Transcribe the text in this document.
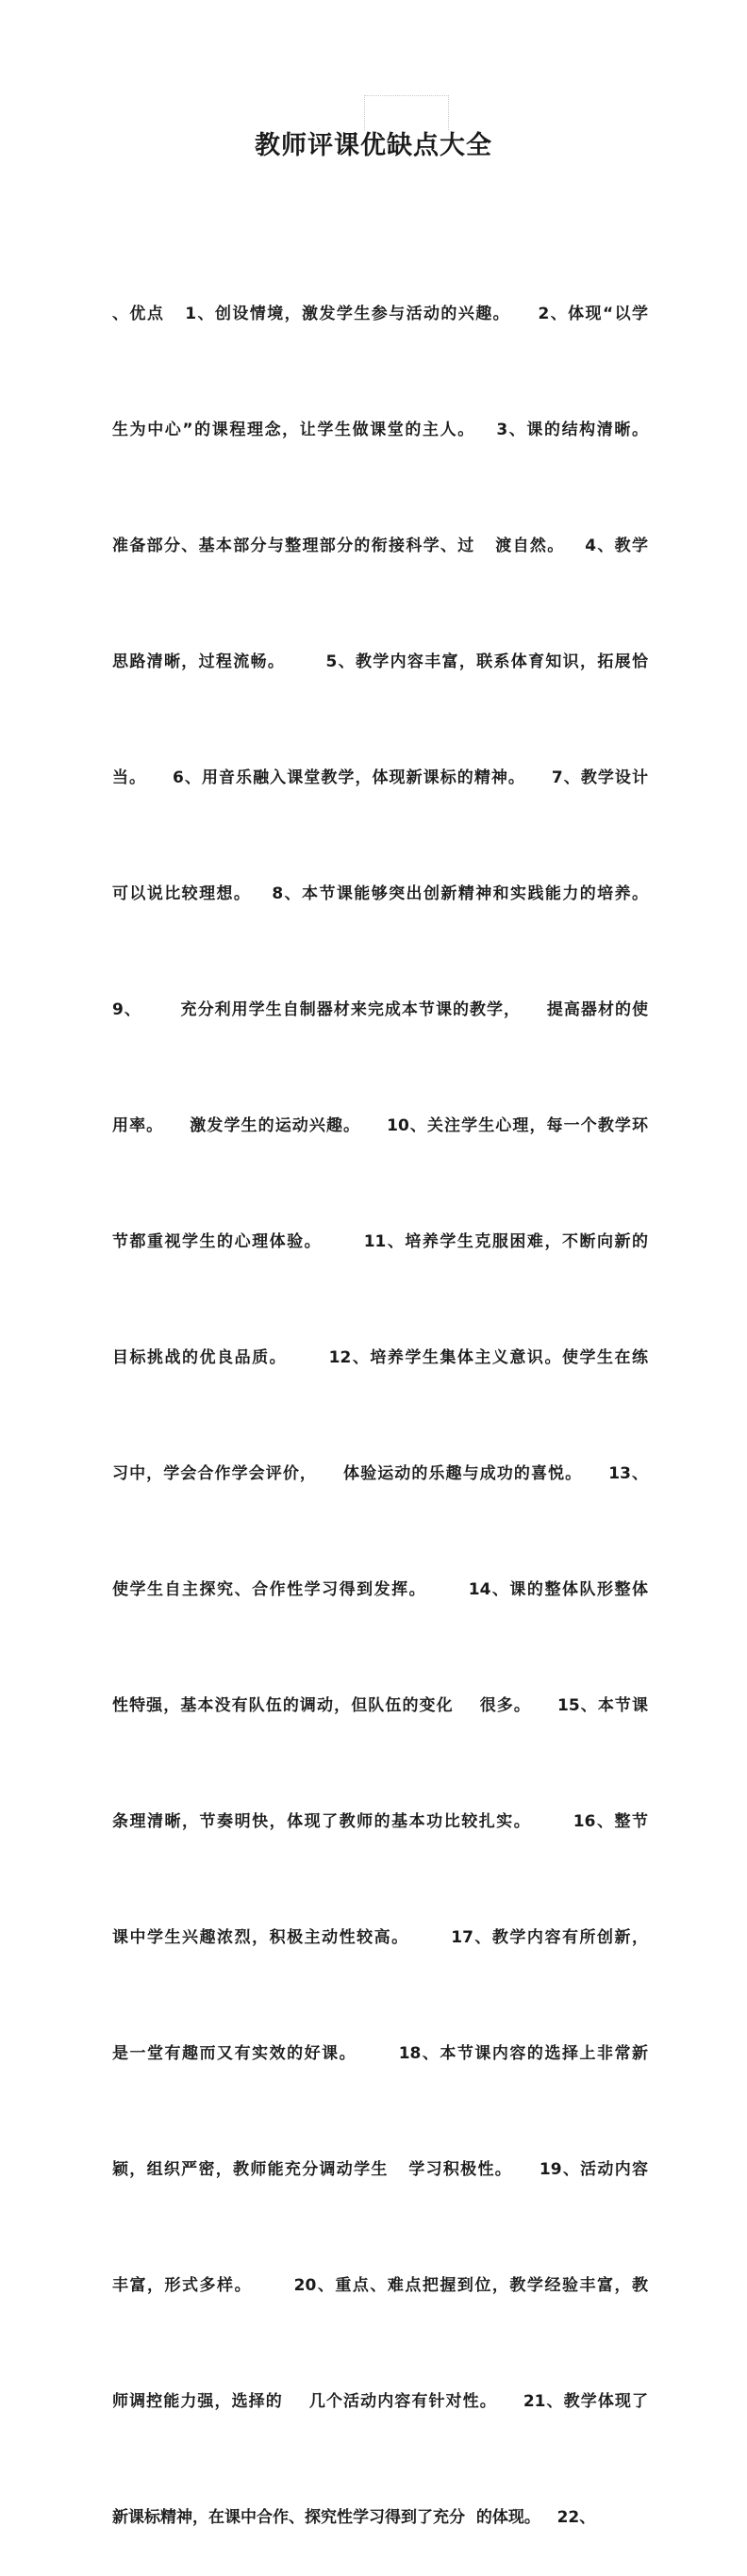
教师评课优缺点大全

、优点   1、创设情境，激发学生参与活动的兴趣。    2、体现“以学

生为中心”的课程理念，让学生做课堂的主人。   3、课的结构清晰。

准备部分、基本部分与整理部分的衔接科学、过   渡自然。   4、教学

思路清晰，过程流畅。      5、教学内容丰富，联系体育知识，拓展恰

当。    6、用音乐融入课堂教学，体现新课标的精神。    7、教学设计

可以说比较理想。   8、本节课能够突出创新精神和实践能力的培养。

9、      充分利用学生自制器材来完成本节课的教学，    提高器材的使

用率。    激发学生的运动兴趣。    10、关注学生心理，每一个教学环

节都重视学生的心理体验。      11、培养学生克服困难，不断向新的

目标挑战的优良品质。      12、培养学生集体主义意识。使学生在练

习中，学会合作学会评价，    体验运动的乐趣与成功的喜悦。    13、

使学生自主探究、合作性学习得到发挥。      14、课的整体队形整体

性特强，基本没有队伍的调动，但队伍的变化    很多。    15、本节课

条理清晰，节奏明快，体现了教师的基本功比较扎实。      16、整节

课中学生兴趣浓烈，积极主动性较高。      17、教学内容有所创新，

是一堂有趣而又有实效的好课。      18、本节课内容的选择上非常新

颖，组织严密，教师能充分调动学生   学习积极性。    19、活动内容

丰富，形式多样。      20、重点、难点把握到位，教学经验丰富，教

师调控能力强，选择的    几个活动内容有针对性。    21、教学体现了

新课标精神，在课中合作、探究性学习得到了充分  的体现。   22、
